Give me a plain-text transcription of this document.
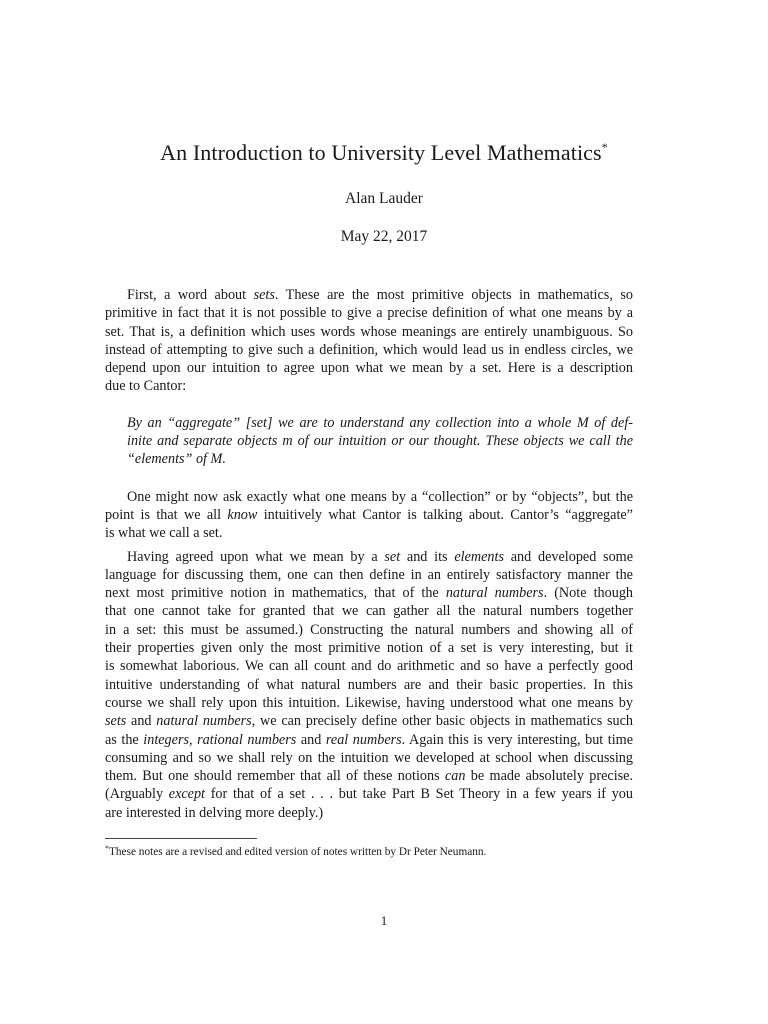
An Introduction to University Level Mathematics*
Alan Lauder
May 22, 2017
First, a word about sets. These are the most primitive objects in mathematics, so
primitive in fact that it is not possible to give a precise definition of what one means by a
set. That is, a definition which uses words whose meanings are entirely unambiguous. So
instead of attempting to give such a definition, which would lead us in endless circles, we
depend upon our intuition to agree upon what we mean by a set. Here is a description
due to Cantor:
By an “aggregate” [set] we are to understand any collection into a whole M of def-
inite and separate objects m of our intuition or our thought. These objects we call the
“elements” of M.
One might now ask exactly what one means by a “collection” or by “objects”, but the
point is that we all know intuitively what Cantor is talking about. Cantor’s “aggregate”
is what we call a set.
Having agreed upon what we mean by a set and its elements and developed some
language for discussing them, one can then define in an entirely satisfactory manner the
next most primitive notion in mathematics, that of the natural numbers. (Note though
that one cannot take for granted that we can gather all the natural numbers together
in a set: this must be assumed.) Constructing the natural numbers and showing all of
their properties given only the most primitive notion of a set is very interesting, but it
is somewhat laborious. We can all count and do arithmetic and so have a perfectly good
intuitive understanding of what natural numbers are and their basic properties. In this
course we shall rely upon this intuition. Likewise, having understood what one means by
sets and natural numbers, we can precisely define other basic objects in mathematics such
as the integers, rational numbers and real numbers. Again this is very interesting, but time
consuming and so we shall rely on the intuition we developed at school when discussing
them. But one should remember that all of these notions can be made absolutely precise.
(Arguably except for that of a set . . . but take Part B Set Theory in a few years if you
are interested in delving more deeply.)
*These notes are a revised and edited version of notes written by Dr Peter Neumann.
1
